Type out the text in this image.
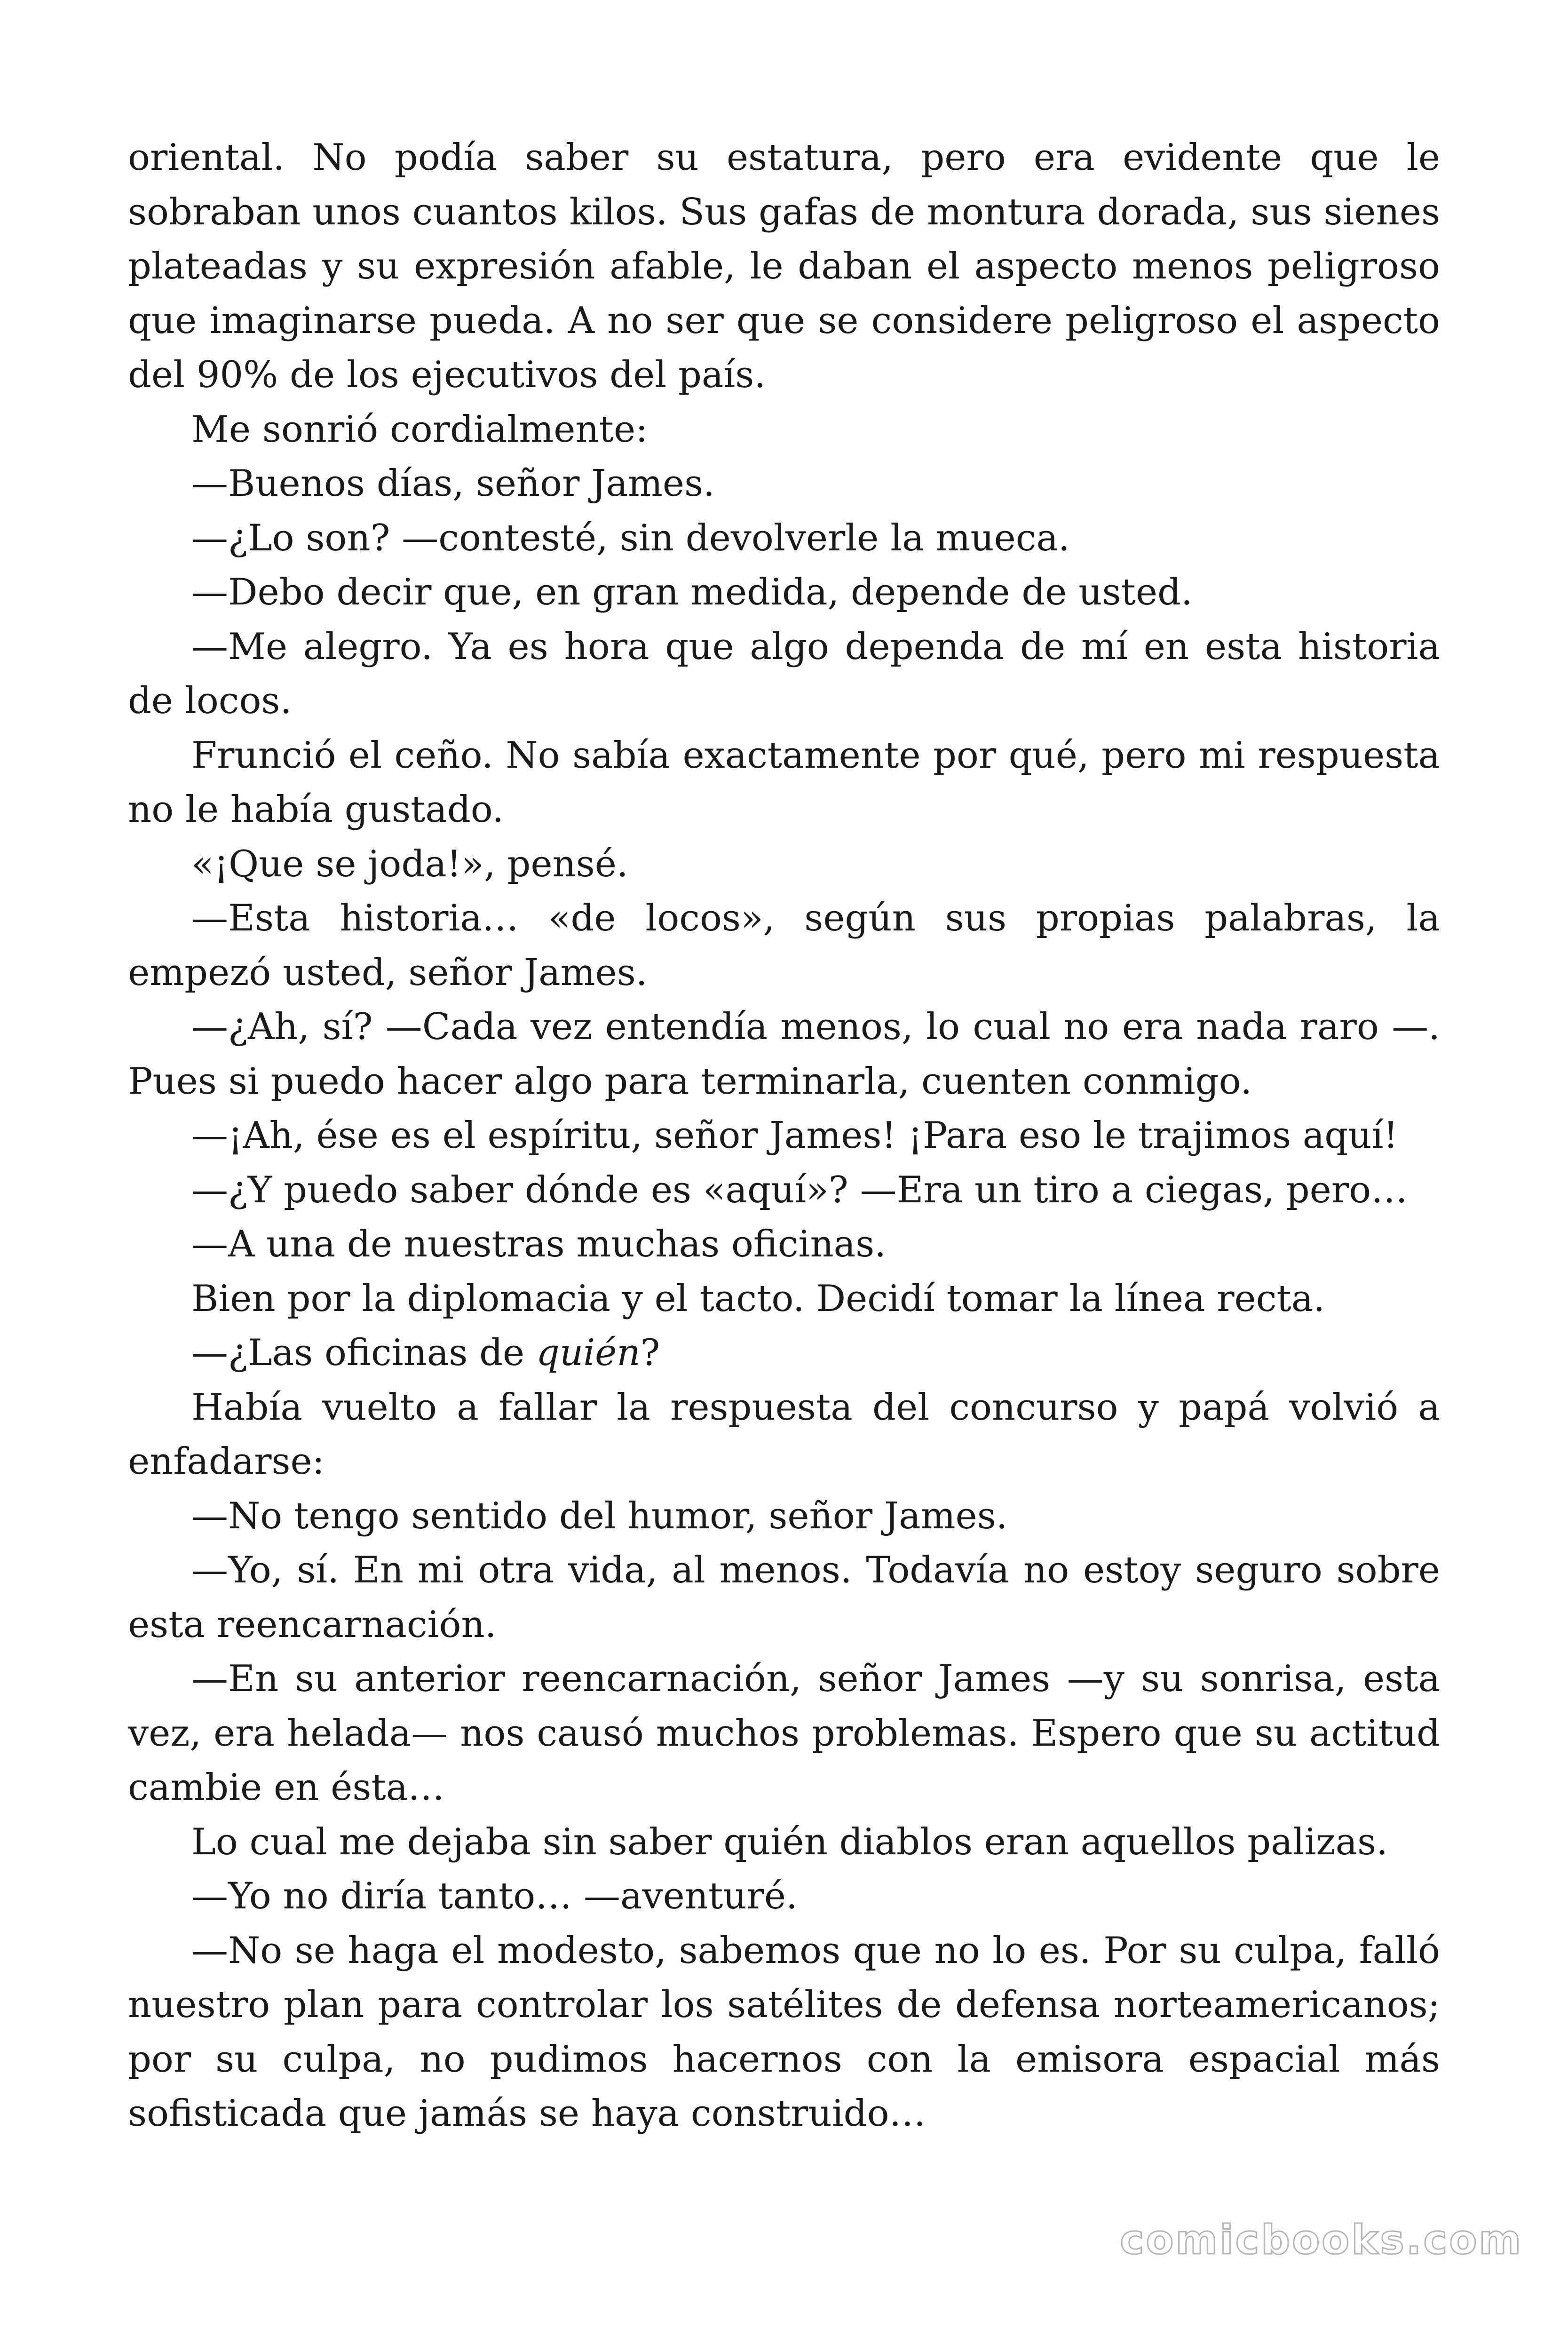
oriental. No podía saber su estatura, pero era evidente que le sobraban unos cuantos kilos. Sus gafas de montura dorada, sus sienes plateadas y su expresión afable, le daban el aspecto menos peligroso que imaginarse pueda. A no ser que se considere peligroso el aspecto del 90% de los ejecutivos del país.

Me sonrió cordialmente:

—Buenos días, señor James.

—¿Lo son? —contesté, sin devolverle la mueca.

—Debo decir que, en gran medida, depende de usted.

—Me alegro. Ya es hora que algo dependa de mí en esta historia de locos.

Frunció el ceño. No sabía exactamente por qué, pero mi respuesta no le había gustado.

«¡Que se joda!», pensé.

—Esta historia… «de locos», según sus propias palabras, la empezó usted, señor James.

—¿Ah, sí? —Cada vez entendía menos, lo cual no era nada raro —. Pues si puedo hacer algo para terminarla, cuenten conmigo.

—¡Ah, ése es el espíritu, señor James! ¡Para eso le trajimos aquí!

—¿Y puedo saber dónde es «aquí»? —Era un tiro a ciegas, pero…

—A una de nuestras muchas oficinas.

Bien por la diplomacia y el tacto. Decidí tomar la línea recta.

—¿Las oficinas de quién?

Había vuelto a fallar la respuesta del concurso y papá volvió a enfadarse:

—No tengo sentido del humor, señor James.

—Yo, sí. En mi otra vida, al menos. Todavía no estoy seguro sobre esta reencarnación.

—En su anterior reencarnación, señor James —y su sonrisa, esta vez, era helada— nos causó muchos problemas. Espero que su actitud cambie en ésta…

Lo cual me dejaba sin saber quién diablos eran aquellos palizas.

—Yo no diría tanto… —aventuré.

—No se haga el modesto, sabemos que no lo es. Por su culpa, falló nuestro plan para controlar los satélites de defensa norteamericanos; por su culpa, no pudimos hacernos con la emisora espacial más sofisticada que jamás se haya construido…

comicbooks.com
